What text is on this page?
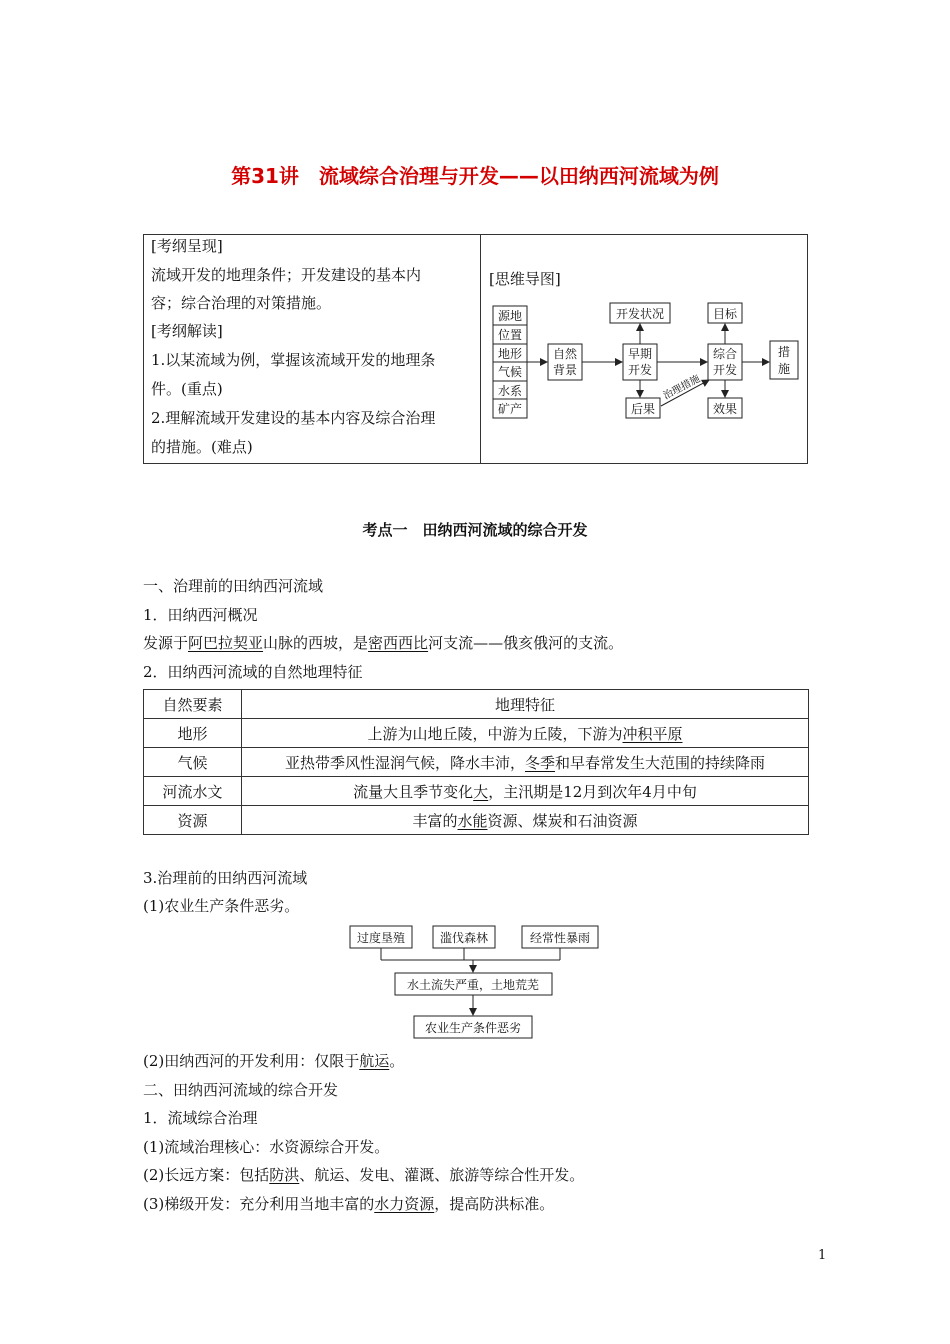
第31讲　流域综合治理与开发——以田纳西河流域为例
[考纲呈现]
流域开发的地理条件；开发建设的基本内
容；综合治理的对策措施。
[考纲解读]
1.以某流域为例，掌握该流域开发的地理条
件。(重点)
2.理解流域开发建设的基本内容及综合治理
的措施。(难点)
[思维导图]
源地
位置
地形
气候
水系
矿产
自然
背景
早期
开发
开发状况
后果
综合
开发
目标
效果
措
施
治理措施
考点一　田纳西河流域的综合开发
一、治理前的田纳西河流域
1．田纳西河概况
发源于阿巴拉契亚山脉的西坡，是密西西比河支流——俄亥俄河的支流。
2．田纳西河流域的自然地理特征
自然要素	地理特征
地形	上游为山地丘陵，中游为丘陵，下游为冲积平原
气候	亚热带季风性湿润气候，降水丰沛，冬季和早春常发生大范围的持续降雨
河流水文	流量大且季节变化大，主汛期是12月到次年4月中旬
资源	丰富的水能资源、煤炭和石油资源
3.治理前的田纳西河流域
(1)农业生产条件恶劣。
过度垦殖	滥伐森林	经常性暴雨
水土流失严重，土地荒芜
农业生产条件恶劣
(2)田纳西河的开发利用：仅限于航运。
二、田纳西河流域的综合开发
1．流域综合治理
(1)流域治理核心：水资源综合开发。
(2)长远方案：包括防洪、航运、发电、灌溉、旅游等综合性开发。
(3)梯级开发：充分利用当地丰富的水力资源，提高防洪标准。
1
